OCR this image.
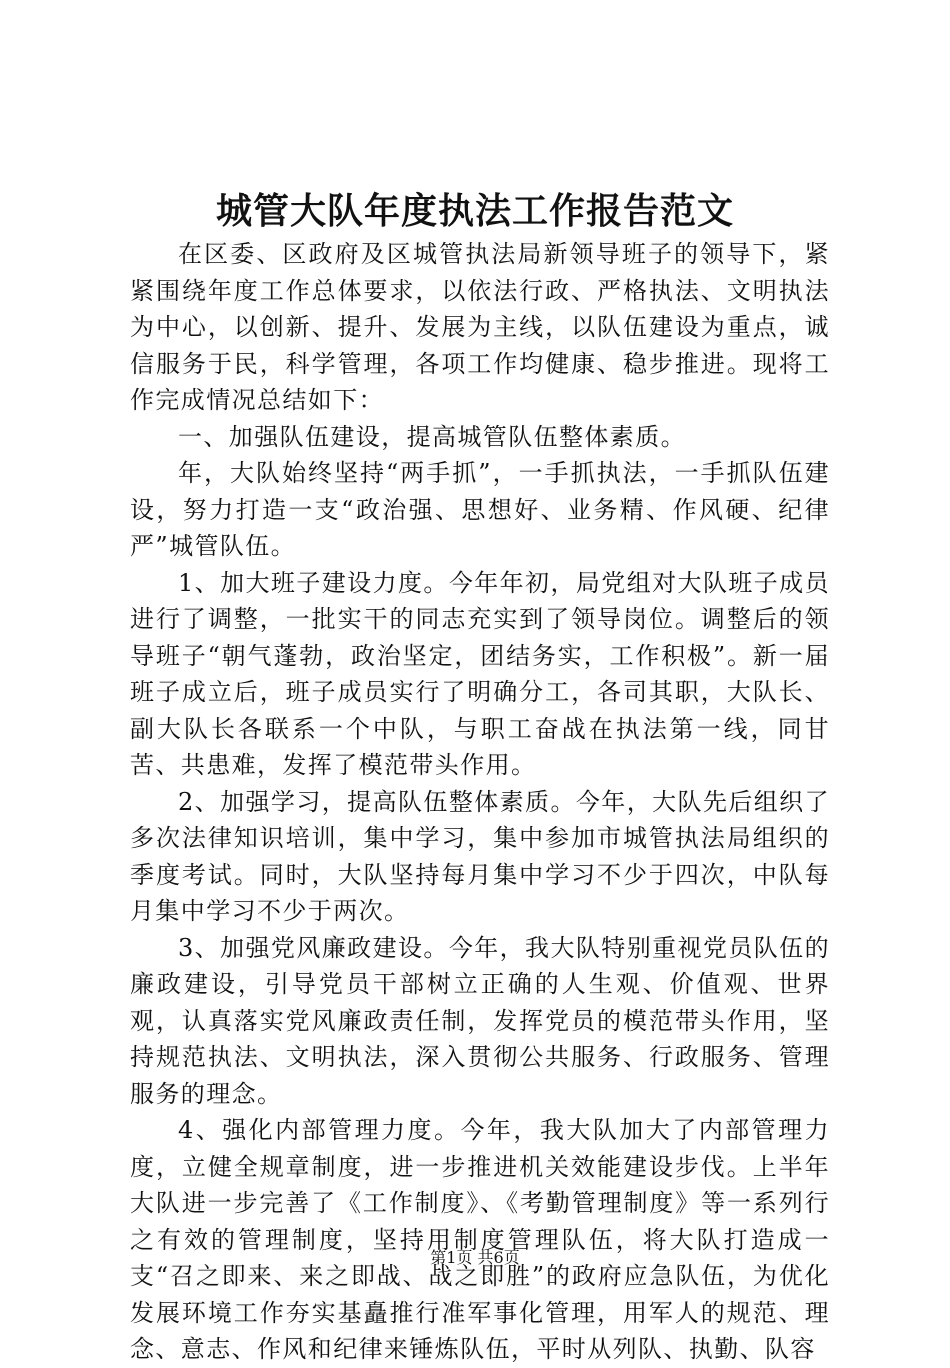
城管大队年度执法工作报告范文

在区委、区政府及区城管执法局新领导班子的领导下，紧紧围绕年度工作总体要求，以依法行政、严格执法、文明执法为中心，以创新、提升、发展为主线，以队伍建设为重点，诚信服务于民，科学管理，各项工作均健康、稳步推进。现将工作完成情况总结如下：

一、加强队伍建设，提高城管队伍整体素质。

年，大队始终坚持“两手抓”，一手抓执法，一手抓队伍建设，努力打造一支“政治强、思想好、业务精、作风硬、纪律严”城管队伍。

1、加大班子建设力度。今年年初，局党组对大队班子成员进行了调整，一批实干的同志充实到了领导岗位。调整后的领导班子“朝气蓬勃，政治坚定，团结务实，工作积极”。新一届班子成立后，班子成员实行了明确分工，各司其职，大队长、副大队长各联系一个中队，与职工奋战在执法第一线，同甘苦、共患难，发挥了模范带头作用。

2、加强学习，提高队伍整体素质。今年，大队先后组织了多次法律知识培训，集中学习，集中参加市城管执法局组织的季度考试。同时，大队坚持每月集中学习不少于四次，中队每月集中学习不少于两次。

3、加强党风廉政建设。今年，我大队特别重视党员队伍的廉政建设，引导党员干部树立正确的人生观、价值观、世界观，认真落实党风廉政责任制，发挥党员的模范带头作用，坚持规范执法、文明执法，深入贯彻公共服务、行政服务、管理服务的理念。

4、强化内部管理力度。今年，我大队加大了内部管理力度，立健全规章制度，进一步推进机关效能建设步伐。上半年大队进一步完善了《工作制度》、《考勤管理制度》等一系列行之有效的管理制度，坚持用制度管理队伍，将大队打造成一支“召之即来、来之即战、战之即胜”的政府应急队伍，为优化发展环境工作夯实基矗推行准军事化管理，用军人的规范、理念、意志、作风和纪律来锤炼队伍，平时从列队、执勤、队容

第1页 共6页
